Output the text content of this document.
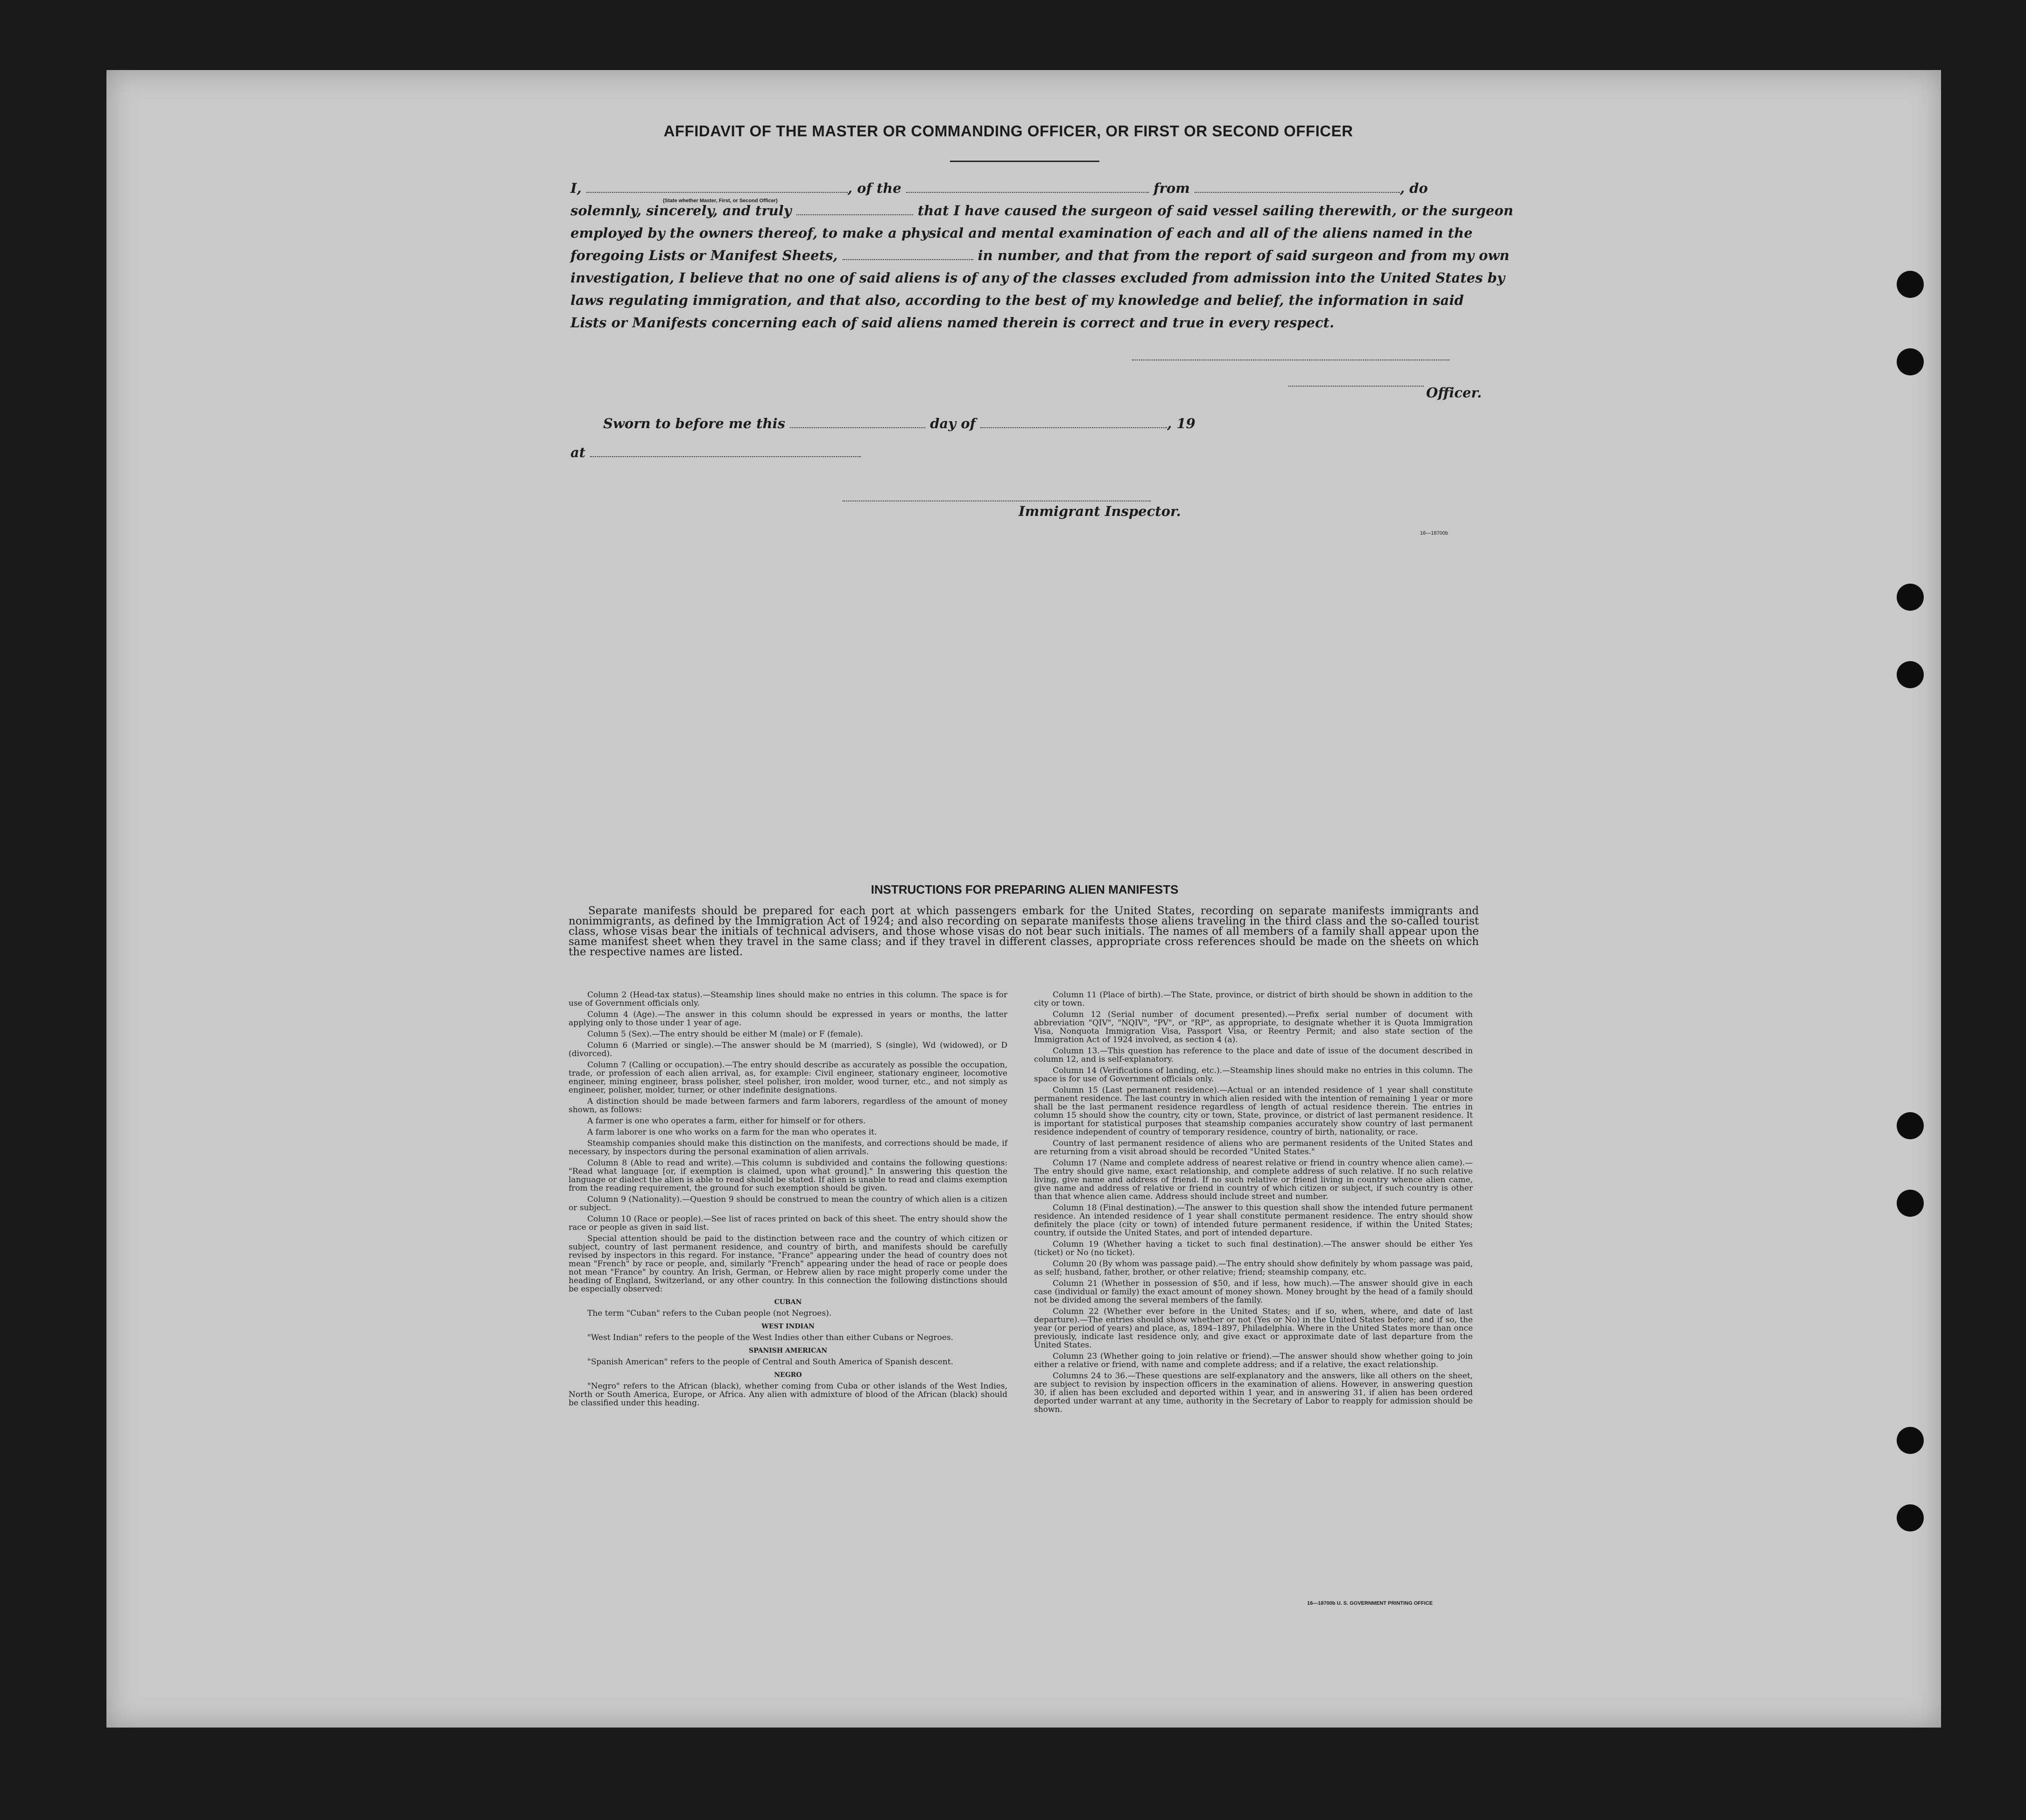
AFFIDAVIT OF THE MASTER OR COMMANDING OFFICER, OR FIRST OR SECOND OFFICER
I,	, of the	from	, do
(State whether Master, First, or Second Officer)
solemnly, sincerely, and truly	that I have caused the surgeon of said vessel sailing therewith, or the surgeon
employed by the owners thereof, to make a physical and mental examination of each and all of the aliens named in the
foregoing Lists or Manifest Sheets,	in number, and that from the report of said surgeon and from my own
investigation, I believe that no one of said aliens is of any of the classes excluded from admission into the United States by
laws regulating immigration, and that also, according to the best of my knowledge and belief, the information in said
Lists or Manifests concerning each of said aliens named therein is correct and true in every respect.
Officer.
Sworn to before me this	day of	, 19
at
Immigrant Inspector.
16—18700b
INSTRUCTIONS FOR PREPARING ALIEN MANIFESTS
Separate manifests should be prepared for each port at which passengers embark for the United States, recording on separate manifests immigrants and nonimmigrants, as defined by the Immigration Act of 1924; and also recording on separate manifests those aliens traveling in the third class and the so-called tourist class, whose visas bear the initials of technical advisers, and those whose visas do not bear such initials. The names of all members of a family shall appear upon the same manifest sheet when they travel in the same class; and if they travel in different classes, appropriate cross references should be made on the sheets on which the respective names are listed.

Column 2 (Head-tax status).—Steamship lines should make no entries in this column. The space is for use of Government officials only.

Column 4 (Age).—The answer in this column should be expressed in years or months, the latter applying only to those under 1 year of age.

Column 5 (Sex).—The entry should be either M (male) or F (female).

Column 6 (Married or single).—The answer should be M (married), S (single), Wd (widowed), or D (divorced).

Column 7 (Calling or occupation).—The entry should describe as accurately as possible the occupation, trade, or profession of each alien arrival, as, for example: Civil engineer, stationary engineer, locomotive engineer, mining engineer, brass polisher, steel polisher, iron molder, wood turner, etc., and not simply as engineer, polisher, molder, turner, or other indefinite designations.

A distinction should be made between farmers and farm laborers, regardless of the amount of money shown, as follows:

A farmer is one who operates a farm, either for himself or for others.

A farm laborer is one who works on a farm for the man who operates it.

Steamship companies should make this distinction on the manifests, and corrections should be made, if necessary, by inspectors during the personal examination of alien arrivals.

Column 8 (Able to read and write).—This column is subdivided and contains the following questions: "Read what language [or, if exemption is claimed, upon what ground]." In answering this question the language or dialect the alien is able to read should be stated. If alien is unable to read and claims exemption from the reading requirement, the ground for such exemption should be given.

Column 9 (Nationality).—Question 9 should be construed to mean the country of which alien is a citizen or subject.

Column 10 (Race or people).—See list of races printed on back of this sheet. The entry should show the race or people as given in said list.

Special attention should be paid to the distinction between race and the country of which citizen or subject, country of last permanent residence, and country of birth, and manifests should be carefully revised by inspectors in this regard. For instance, "France" appearing under the head of country does not mean "French" by race or people, and, similarly "French" appearing under the head of race or people does not mean "France" by country. An Irish, German, or Hebrew alien by race might properly come under the heading of England, Switzerland, or any other country. In this connection the following distinctions should be especially observed:

CUBAN

The term "Cuban" refers to the Cuban people (not Negroes).

WEST INDIAN

"West Indian" refers to the people of the West Indies other than either Cubans or Negroes.

SPANISH AMERICAN

"Spanish American" refers to the people of Central and South America of Spanish descent.

NEGRO

"Negro" refers to the African (black), whether coming from Cuba or other islands of the West Indies, North or South America, Europe, or Africa. Any alien with admixture of blood of the African (black) should be classified under this heading.

Column 11 (Place of birth).—The State, province, or district of birth should be shown in addition to the city or town.

Column 12 (Serial number of document presented).—Prefix serial number of document with abbreviation "QIV", "NQIV", "PV", or "RP", as appropriate, to designate whether it is Quota Immigration Visa, Nonquota Immigration Visa, Passport Visa, or Reentry Permit; and also state section of the Immigration Act of 1924 involved, as section 4 (a).

Column 13.—This question has reference to the place and date of issue of the document described in column 12, and is self-explanatory.

Column 14 (Verifications of landing, etc.).—Steamship lines should make no entries in this column. The space is for use of Government officials only.

Column 15 (Last permanent residence).—Actual or an intended residence of 1 year shall constitute permanent residence. The last country in which alien resided with the intention of remaining 1 year or more shall be the last permanent residence regardless of length of actual residence therein. The entries in column 15 should show the country, city or town, State, province, or district of last permanent residence. It is important for statistical purposes that steamship companies accurately show country of last permanent residence independent of country of temporary residence, country of birth, nationality, or race.

Country of last permanent residence of aliens who are permanent residents of the United States and are returning from a visit abroad should be recorded "United States."

Column 17 (Name and complete address of nearest relative or friend in country whence alien came).—The entry should give name, exact relationship, and complete address of such relative. If no such relative living, give name and address of friend. If no such relative or friend living in country whence alien came, give name and address of relative or friend in country of which citizen or subject, if such country is other than that whence alien came. Address should include street and number.

Column 18 (Final destination).—The answer to this question shall show the intended future permanent residence. An intended residence of 1 year shall constitute permanent residence. The entry should show definitely the place (city or town) of intended future permanent residence, if within the United States; country, if outside the United States, and port of intended departure.

Column 19 (Whether having a ticket to such final destination).—The answer should be either Yes (ticket) or No (no ticket).

Column 20 (By whom was passage paid).—The entry should show definitely by whom passage was paid, as self; husband, father, brother, or other relative; friend; steamship company, etc.

Column 21 (Whether in possession of $50, and if less, how much).—The answer should give in each case (individual or family) the exact amount of money shown. Money brought by the head of a family should not be divided among the several members of the family.

Column 22 (Whether ever before in the United States; and if so, when, where, and date of last departure).—The entries should show whether or not (Yes or No) in the United States before; and if so, the year (or period of years) and place, as, 1894–1897, Philadelphia. Where in the United States more than once previously, indicate last residence only, and give exact or approximate date of last departure from the United States.

Column 23 (Whether going to join relative or friend).—The answer should show whether going to join either a relative or friend, with name and complete address; and if a relative, the exact relationship.

Columns 24 to 36.—These questions are self-explanatory and the answers, like all others on the sheet, are subject to revision by inspection officers in the examination of aliens. However, in answering question 30, if alien has been excluded and deported within 1 year, and in answering 31, if alien has been ordered deported under warrant at any time, authority in the Secretary of Labor to reapply for admission should be shown.

16—18700b U. S. GOVERNMENT PRINTING OFFICE
